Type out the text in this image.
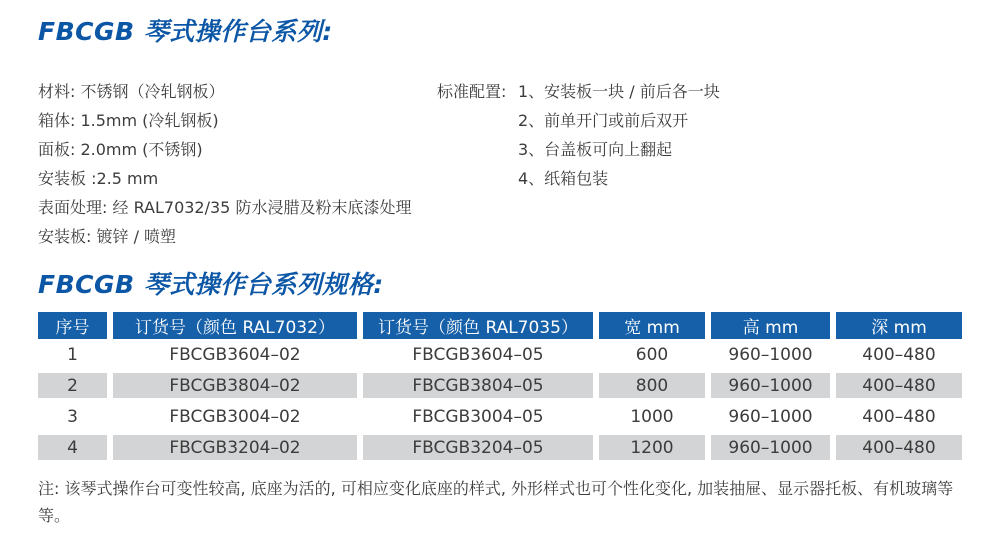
FBCGB 琴式操作台系列:
材料: 不锈钢（冷轧钢板）
箱体: 1.5mm (冷轧钢板)
面板: 2.0mm (不锈钢)
安装板 :2.5 mm
表面处理: 经 RAL7032/35 防水浸腊及粉末底漆处理
安装板: 镀锌 / 喷塑
标准配置: 1、安装板一块 / 前后各一块
2、前单开门或前后双开
3、台盖板可向上翻起
4、纸箱包装
FBCGB 琴式操作台系列规格:
序号	订货号（颜色 RAL7032）	订货号（颜色 RAL7035）	宽 mm	高 mm	深 mm
1	FBCGB3604–02	FBCGB3604–05	600	960–1000	400–480
2	FBCGB3804–02	FBCGB3804–05	800	960–1000	400–480
3	FBCGB3004–02	FBCGB3004–05	1000	960–1000	400–480
4	FBCGB3204–02	FBCGB3204–05	1200	960–1000	400–480

注: 该琴式操作台可变性较高, 底座为活的, 可相应变化底座的样式, 外形样式也可个性化变化, 加装抽屉、显示器托板、有机玻璃等等。
